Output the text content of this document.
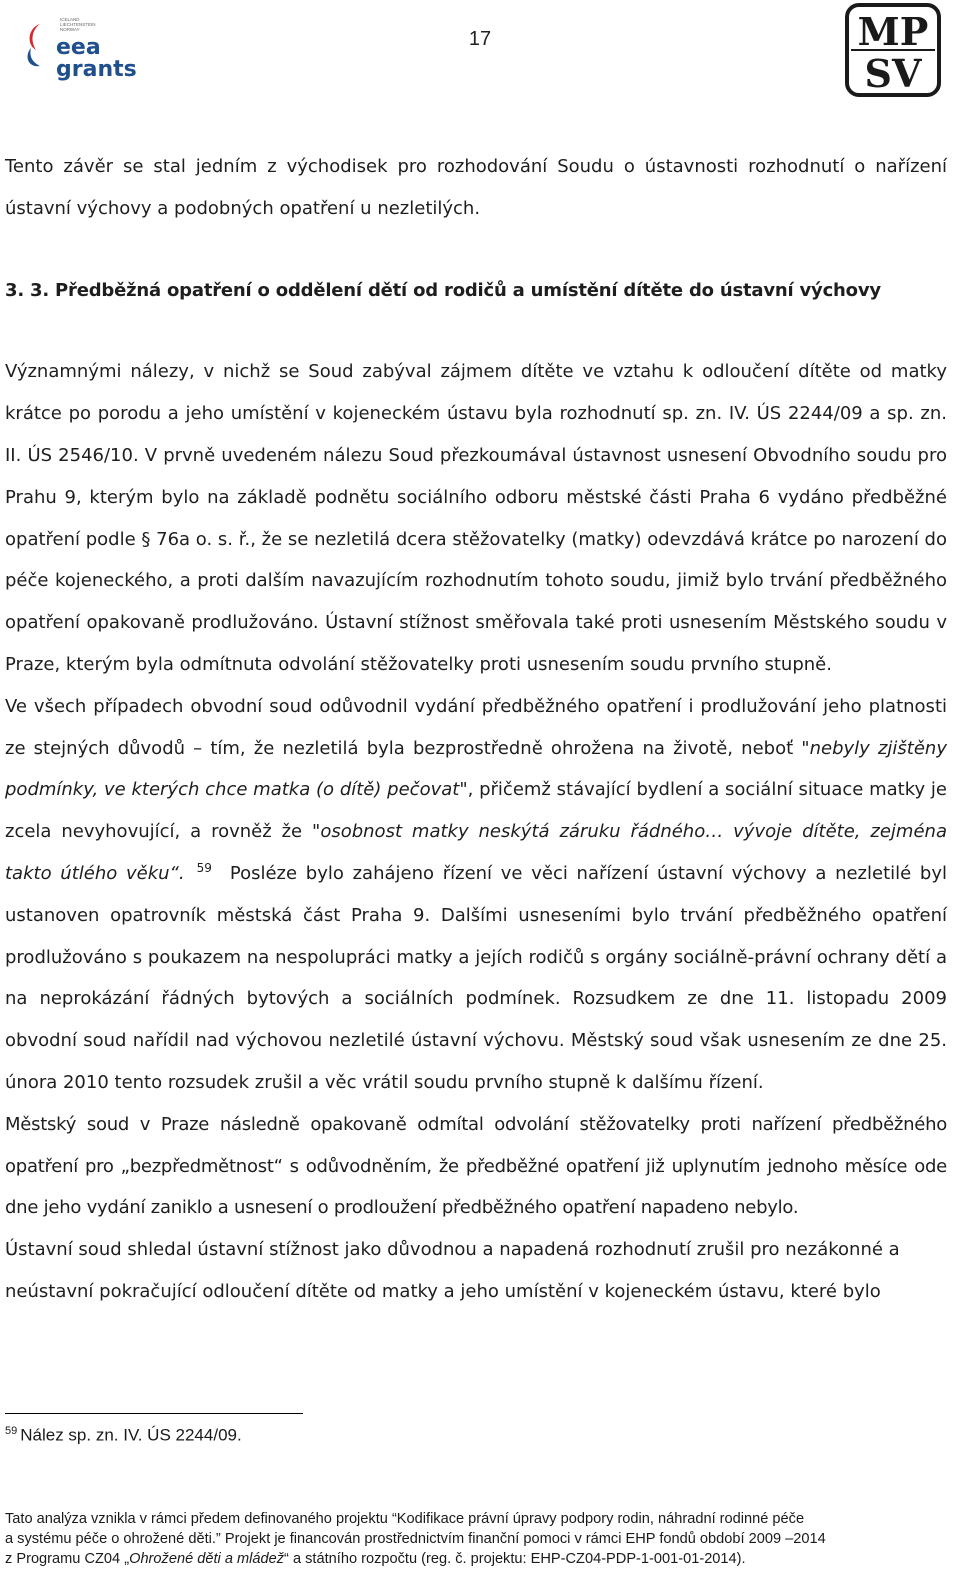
ICELAND
LIECHTENSTEIN
NORWAY
eea
grants
17	MP
SV

Tento závěr se stal jedním z východisek pro rozhodování Soudu o ústavnosti rozhodnutí o nařízení ústavní výchovy a podobných opatření u nezletilých.

3. 3. Předběžná opatření o oddělení dětí od rodičů a umístění dítěte do ústavní výchovy

Významnými nálezy, v nichž se Soud zabýval zájmem dítěte ve vztahu k odloučení dítěte od matky krátce po porodu a jeho umístění v kojeneckém ústavu byla rozhodnutí sp. zn. IV. ÚS 2244/09 a sp. zn. II. ÚS 2546/10. V prvně uvedeném nálezu Soud přezkoumával ústavnost usnesení Obvodního soudu pro Prahu 9, kterým bylo na základě podnětu sociálního odboru městské části Praha 6 vydáno předběžné opatření podle § 76a o. s. ř., že se nezletilá dcera stěžovatelky (matky) odevzdává krátce po narození do péče kojeneckého, a proti dalším navazujícím rozhodnutím tohoto soudu, jimiž bylo trvání předběžného opatření opakovaně prodlužováno. Ústavní stížnost směřovala také proti usnesením Městského soudu v Praze, kterým byla odmítnuta odvolání stěžovatelky proti usnesením soudu prvního stupně.

Ve všech případech obvodní soud odůvodnil vydání předběžného opatření i prodlužování jeho platnosti ze stejných důvodů – tím, že nezletilá byla bezprostředně ohrožena na životě, neboť "nebyly zjištěny podmínky, ve kterých chce matka (o dítě) pečovat", přičemž stávající bydlení a sociální situace matky je zcela nevyhovující, a rovněž že "osobnost matky neskýtá záruku řádného… vývoje dítěte, zejména takto útlého věku“. $^{59}$ Posléze bylo zahájeno řízení ve věci nařízení ústavní výchovy a nezletilé byl ustanoven opatrovník městská část Praha 9. Dalšími usneseními bylo trvání předběžného opatření prodlužováno s poukazem na nespolupráci matky a jejích rodičů s orgány sociálně-právní ochrany dětí a na neprokázání řádných bytových a sociálních podmínek. Rozsudkem ze dne 11. listopadu 2009 obvodní soud nařídil nad výchovou nezletilé ústavní výchovu. Městský soud však usnesením ze dne 25. února 2010 tento rozsudek zrušil a věc vrátil soudu prvního stupně k dalšímu řízení.

Městský soud v Praze následně opakovaně odmítal odvolání stěžovatelky proti nařízení předběžného opatření pro „bezpředmětnost“ s odůvodněním, že předběžné opatření již uplynutím jednoho měsíce ode dne jeho vydání zaniklo a usnesení o prodloužení předběžného opatření napadeno nebylo.

Ústavní soud shledal ústavní stížnost jako důvodnou a napadená rozhodnutí zrušil pro nezákonné a neústavní pokračující odloučení dítěte od matky a jeho umístění v kojeneckém ústavu, které bylo

$^{59}$ Nález sp. zn. IV. ÚS 2244/09.
Tato analýza vznikla v rámci předem definovaného projektu “Kodifikace právní úpravy podpory rodin, náhradní rodinné péče
a systému péče o ohrožené děti.” Projekt je financován prostřednictvím finanční pomoci v rámci EHP fondů období 2009 –2014
z Programu CZ04 „Ohrožené děti a mládež“ a státního rozpočtu (reg. č. projektu: EHP-CZ04-PDP-1-001-01-2014).
